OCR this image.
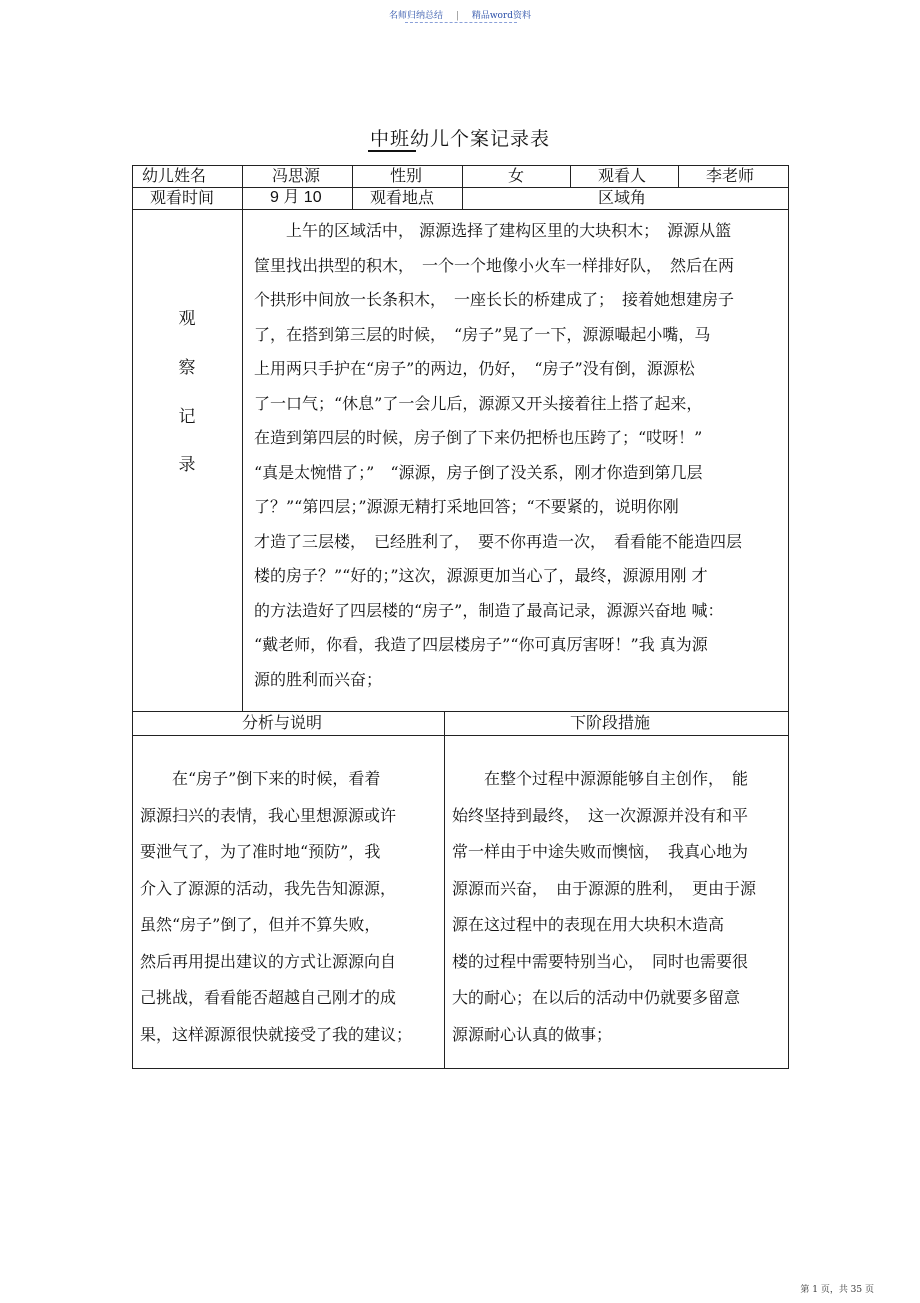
名师归纳总结 | 精品word资料
中班幼儿个案记录表
幼儿姓名	冯思源	性别	女	观看人	李老师
观看时间	9 月 10	观看地点	区域角
观
察
记
录
　　上午的区域活中， 源源选择了建构区里的大块积木；　源源从篮
筐里找出拱型的积木，　一个一个地像小火车一样排好队，　然后在两
个拱形中间放一长条积木，　一座长长的桥建成了；　接着她想建房子
了，在搭到第三层的时候，　“房子”晃了一下，源源嘬起小嘴，马
上用两只手护在“房子”的两边，仍好，　“房子”没有倒，源源松
了一口气；“休息”了一会儿后，源源又开头接着往上搭了起来，
在造到第四层的时候，房子倒了下来仍把桥也压跨了；“哎呀！”
“真是太惋惜了；”　“源源，房子倒了没关系，刚才你造到第几层
了？”“第四层；”源源无精打采地回答；“不要紧的，说明你刚
才造了三层楼，　已经胜利了，　要不你再造一次，　看看能不能造四层
楼的房子？”“好的；”这次，源源更加当心了，最终，源源用刚 才
的方法造好了四层楼的“房子”，制造了最高记录，源源兴奋地 喊：
“戴老师，你看，我造了四层楼房子”“你可真厉害呀！”我 真为源
源的胜利而兴奋；
分析与说明	下阶段措施
　　在“房子”倒下来的时候，看着
源源扫兴的表情，我心里想源源或许
要泄气了，为了准时地“预防”，我
介入了源源的活动，我先告知源源，
虽然“房子”倒了，但并不算失败，
然后再用提出建议的方式让源源向自
己挑战，看看能否超越自己刚才的成
果，这样源源很快就接受了我的建议；
　　在整个过程中源源能够自主创作，　能
始终坚持到最终，　这一次源源并没有和平
常一样由于中途失败而懊恼，　我真心地为
源源而兴奋，　由于源源的胜利，　更由于源
源在这过程中的表现在用大块积木造高
楼的过程中需要特别当心，　同时也需要很
大的耐心；在以后的活动中仍就要多留意
源源耐心认真的做事；
第 1 页，共 35 页
